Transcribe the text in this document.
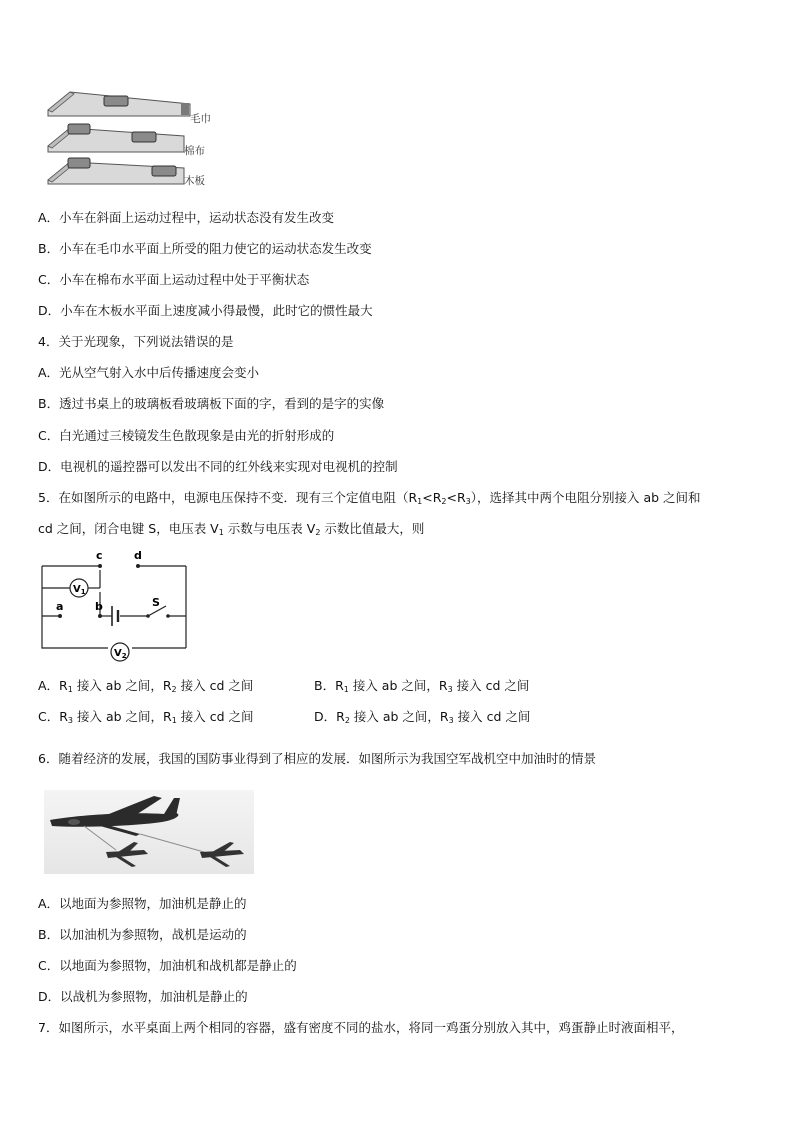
毛巾
棉布
木板
A．小车在斜面上运动过程中，运动状态没有发生改变
B．小车在毛巾水平面上所受的阻力使它的运动状态发生改变
C．小车在棉布水平面上运动过程中处于平衡状态
D．小车在木板水平面上速度减小得最慢，此时它的惯性最大
4．关于光现象，下列说法错误的是
A．光从空气射入水中后传播速度会变小
B．透过书桌上的玻璃板看玻璃板下面的字，看到的是字的实像
C．白光通过三棱镜发生色散现象是由光的折射形成的
D．电视机的遥控器可以发出不同的红外线来实现对电视机的控制
5．在如图所示的电路中，电源电压保持不变．现有三个定值电阻$(R_1<R_2<R_3)$，选择其中两个电阻分别接入 ab 之间和
cd 之间，闭合电键 S，电压表 $V_1$ 示数与电压表 $V_2$ 示数比值最大，则
$V_1$
$V_2$
c	d
a	b	S
A．$R_1$ 接入 ab 之间，$R_2$ 接入 cd 之间	B．$R_1$ 接入 ab 之间，$R_3$ 接入 cd 之间
C．$R_3$ 接入 ab 之间，$R_1$ 接入 cd 之间	D．$R_2$ 接入 ab 之间，$R_3$ 接入 cd 之间
6．随着经济的发展，我国的国防事业得到了相应的发展．如图所示为我国空军战机空中加油时的情景
A．以地面为参照物，加油机是静止的
B．以加油机为参照物，战机是运动的
C．以地面为参照物，加油机和战机都是静止的
D．以战机为参照物，加油机是静止的
7．如图所示，水平桌面上两个相同的容器，盛有密度不同的盐水，将同一鸡蛋分别放入其中，鸡蛋静止时液面相平，
